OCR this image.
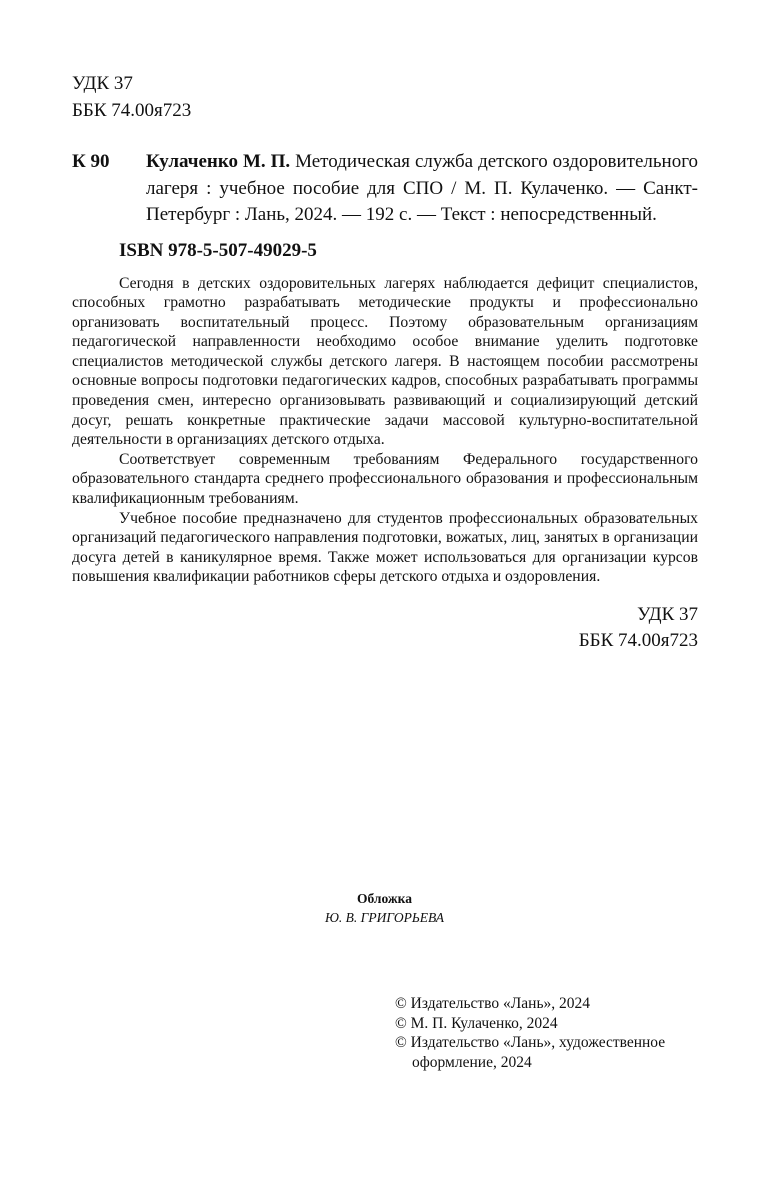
УДК 37
ББК 74.00я723
К 90	Кулаченко М. П. Методическая служба детского оздоровительного лагеря : учебное пособие для СПО / М. П. Кулаченко. — Санкт-Петербург : Лань, 2024. — 192 с. — Текст : непосредственный.
ISBN 978-5-507-49029-5

Сегодня в детских оздоровительных лагерях наблюдается дефицит специалистов, способных грамотно разрабатывать методические продукты и профессионально организовать воспитательный процесс. Поэтому образовательным организациям педагогической направленности необходимо особое внимание уделить подготовке специалистов методической службы детского лагеря. В настоящем пособии рассмотрены основные вопросы подготовки педагогических кадров, способных разрабатывать программы проведения смен, интересно организовывать развивающий и социализирующий детский досуг, решать конкретные практические задачи массовой культурно-воспитательной деятельности в организациях детского отдыха.

Соответствует современным требованиям Федерального государственного образовательного стандарта среднего профессионального образования и профессиональным квалификационным требованиям.

Учебное пособие предназначено для студентов профессиональных образовательных организаций педагогического направления подготовки, вожатых, лиц, занятых в организации досуга детей в каникулярное время. Также может использоваться для организации курсов повышения квалификации работников сферы детского отдыха и оздоровления.

УДК 37
ББК 74.00я723
Обложка
Ю. В. ГРИГОРЬЕВА
© Издательство «Лань», 2024
© М. П. Кулаченко, 2024
© Издательство «Лань», художественное оформление, 2024
